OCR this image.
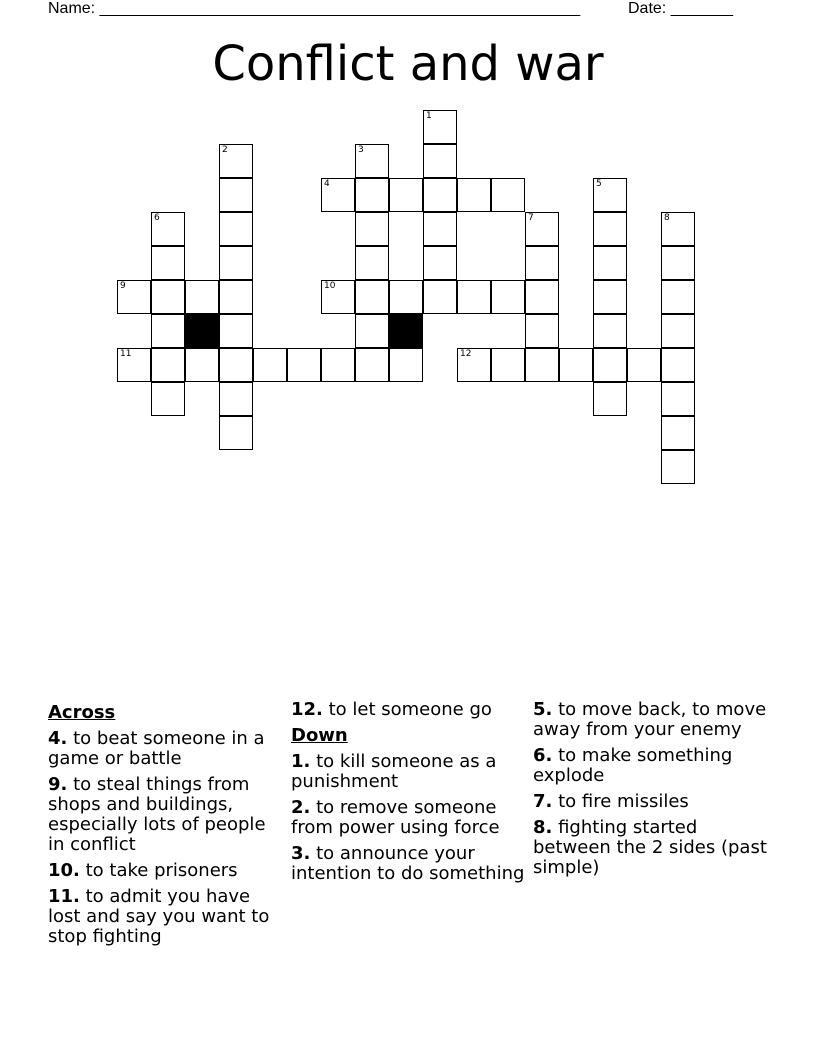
Name: ______________________________________________________	Date: _______
Conflict and war
1
2	3
4	5
6	7	8
9	10
11	12
Across
4. to beat someone in a game or battle
9. to steal things from shops and buildings, especially lots of people in conflict
10. to take prisoners
11. to admit you have lost and say you want to stop fighting
12. to let someone go
Down
1. to kill someone as a punishment
2. to remove someone from power using force
3. to announce your intention to do something
5. to move back, to move away from your enemy
6. to make something explode
7. to fire missiles
8. fighting started between the 2 sides (past simple)
